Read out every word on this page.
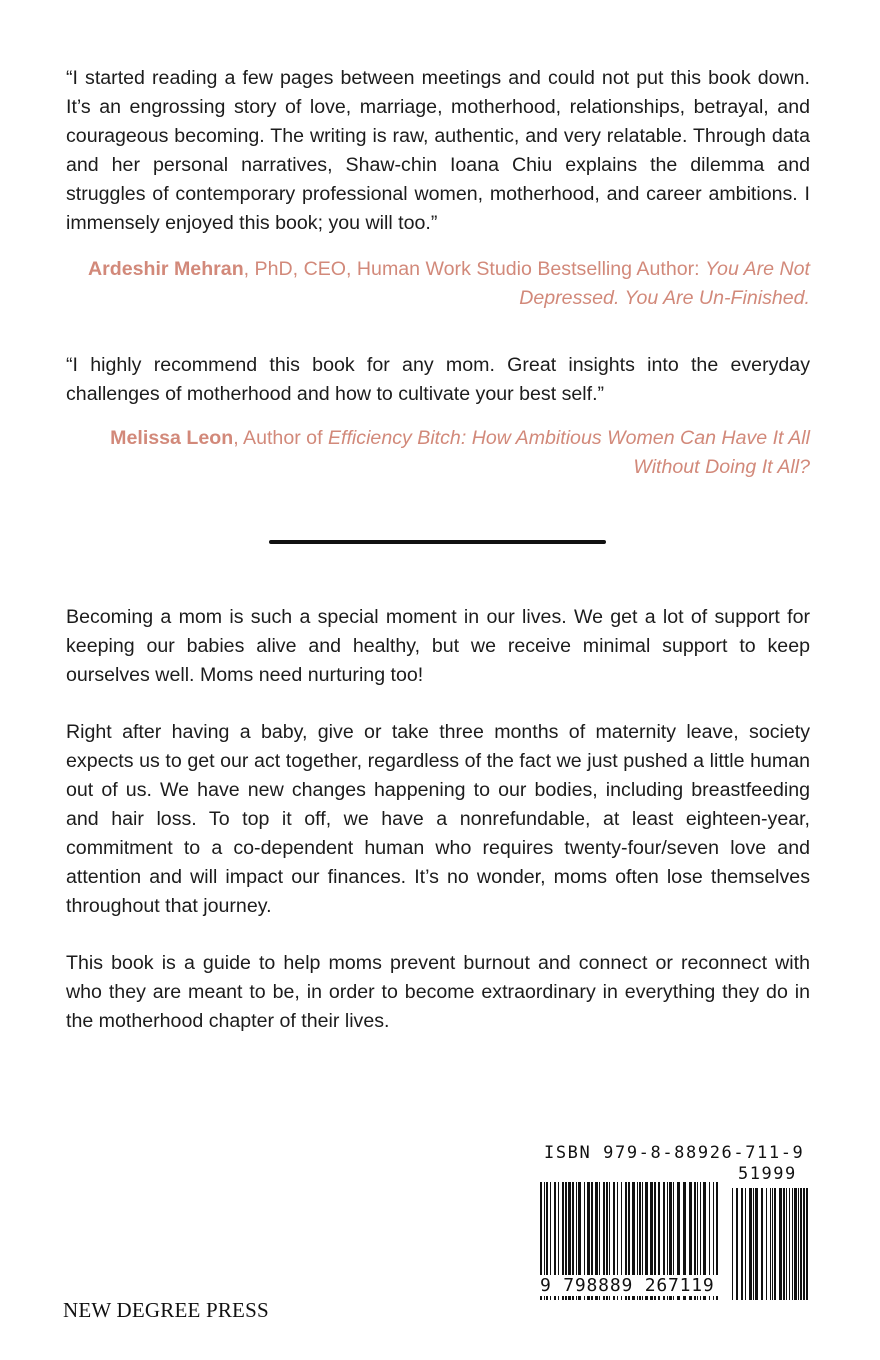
“I started reading a few pages between meetings and could not put this book down. It’s an engrossing story of love, marriage, motherhood, relationships, betrayal, and courageous becoming. The writing is raw, authentic, and very relatable. Through data and her personal narratives, Shaw-chin Ioana Chiu explains the dilemma and struggles of contemporary professional women, motherhood, and career ambitions. I immensely enjoyed this book; you will too.”

Ardeshir Mehran, PhD, CEO, Human Work Studio Bestselling Author: You Are Not Depressed. You Are Un-Finished.

“I highly recommend this book for any mom. Great insights into the everyday challenges of motherhood and how to cultivate your best self.”

Melissa Leon, Author of Efficiency Bitch: How Ambitious Women Can Have It All Without Doing It All?

Becoming a mom is such a special moment in our lives. We get a lot of support for keeping our babies alive and healthy, but we receive minimal support to keep ourselves well. Moms need nurturing too!

Right after having a baby, give or take three months of maternity leave, society expects us to get our act together, regardless of the fact we just pushed a little human out of us. We have new changes happening to our bodies, including breastfeeding and hair loss. To top it off, we have a nonrefundable, at least eighteen-year, commitment to a co-dependent human who requires twenty-four/seven love and attention and will impact our finances. It’s no wonder, moms often lose themselves throughout that journey.

This book is a guide to help moms prevent burnout and connect or reconnect with who they are meant to be, in order to become extraordinary in everything they do in the motherhood chapter of their lives.

ISBN 979-8-88926-711-9
51999
9 798889 267119
NEW DEGREE PRESS
